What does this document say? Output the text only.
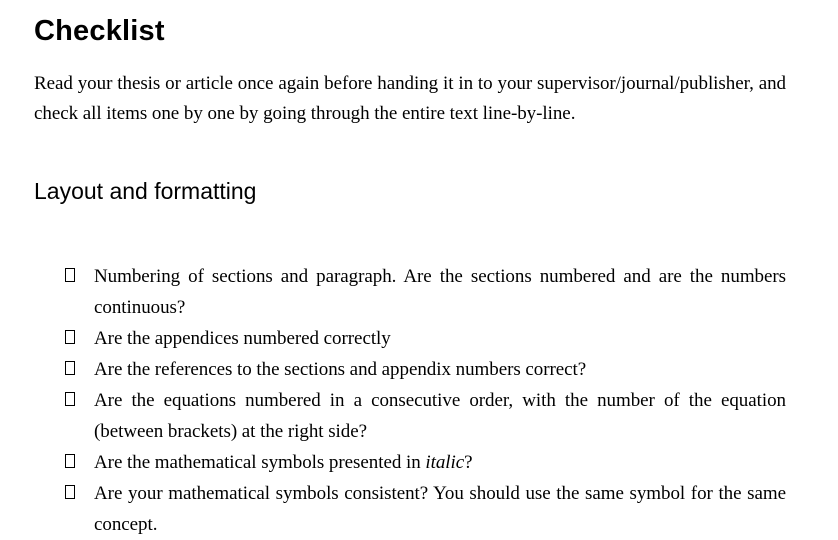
Checklist

Read your thesis or article once again before handing it in to your supervisor/journal/publisher, and check all items one by one by going through the entire text line-by-line.

Layout and formatting
Numbering of sections and paragraph. Are the sections numbered and are the numbers continuous?
Are the appendices numbered correctly
Are the references to the sections and appendix numbers correct?
Are the equations numbered in a consecutive order, with the number of the equation (between brackets) at the right side?
Are the mathematical symbols presented in italic?
Are your mathematical symbols consistent? You should use the same symbol for the same concept.
